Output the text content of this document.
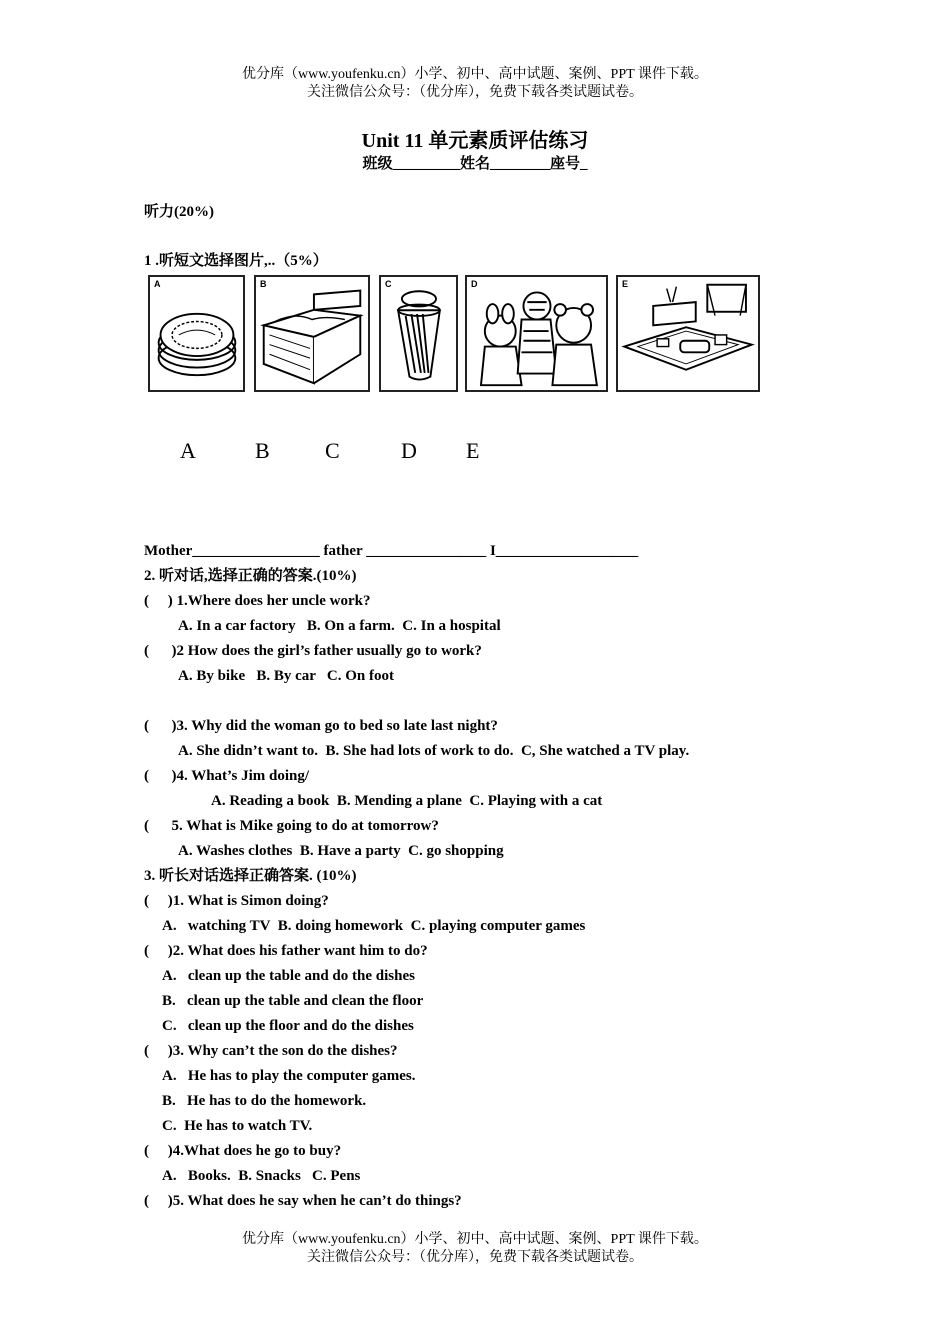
优分库（www.youfenku.cn）小学、初中、高中试题、案例、PPT 课件下载。
关注微信公众号：（优分库），免费下载各类试题试卷。
Unit 11 单元素质评估练习
班级_________姓名________座号_
听力(20%)
1 .听短文选择图片,..（5%）
A	B	C	D	E
A	B	C	D E
Mother_________________ father ________________ I___________________
2. 听对话,选择正确的答案.(10%)
(     ) 1.Where does her uncle work?
A. In a car factory   B. On a farm.  C. In a hospital
(      )2 How does the girl’s father usually go to work?
A. By bike   B. By car   C. On foot
(      )3. Why did the woman go to bed so late last night?
A. She didn’t want to.  B. She had lots of work to do.  C, She watched a TV play.
(      )4. What’s Jim doing/
A. Reading a book  B. Mending a plane  C. Playing with a cat
(      5. What is Mike going to do at tomorrow?
A. Washes clothes  B. Have a party  C. go shopping
3. 听长对话选择正确答案. (10%)
(     )1. What is Simon doing?
A.   watching TV  B. doing homework  C. playing computer games
(     )2. What does his father want him to do?
A.   clean up the table and do the dishes
B.   clean up the table and clean the floor
C.   clean up the floor and do the dishes
(     )3. Why can’t the son do the dishes?
A.   He has to play the computer games.
B.   He has to do the homework.
C.  He has to watch TV.
(     )4.What does he go to buy?
A.   Books.  B. Snacks   C. Pens
(     )5. What does he say when he can’t do things?
优分库（www.youfenku.cn）小学、初中、高中试题、案例、PPT 课件下载。
关注微信公众号：（优分库），免费下载各类试题试卷。
